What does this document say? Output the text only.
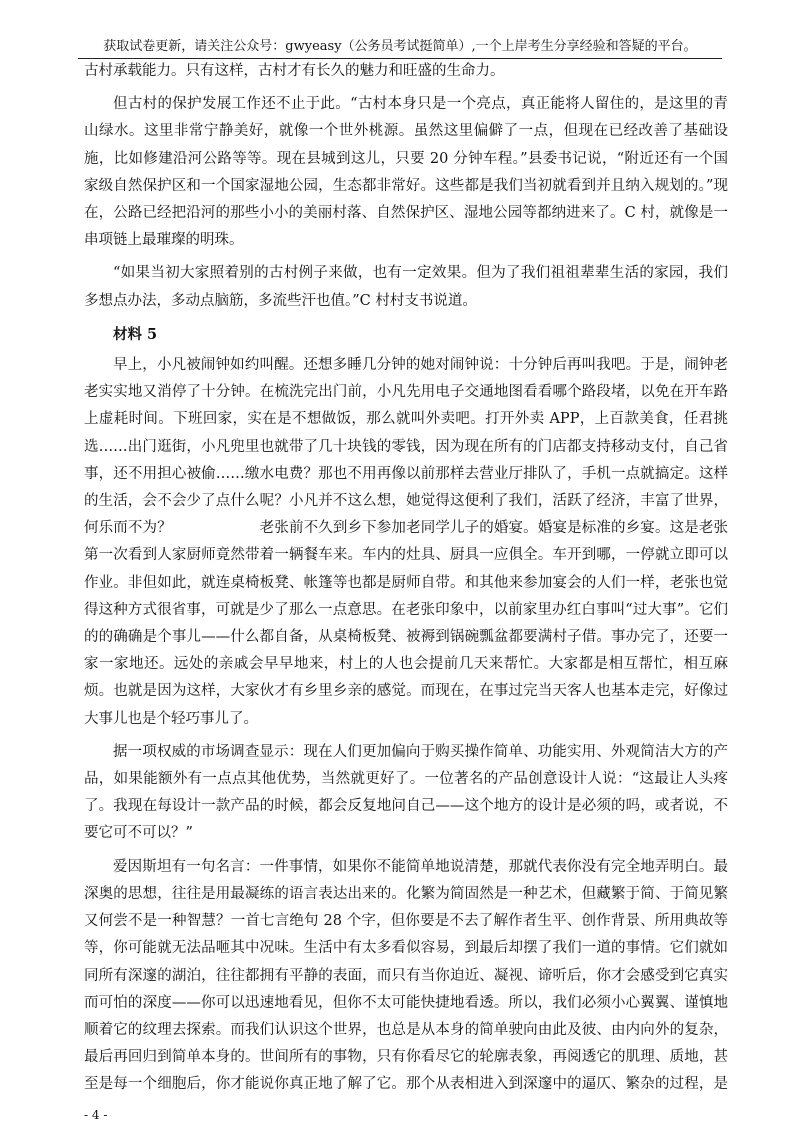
获取试卷更新，请关注公众号：gwyeasy（公务员考试挺简单）,一个上岸考生分享经验和答疑的平台。

古村承载能力。只有这样，古村才有长久的魅力和旺盛的生命力。

但古村的保护发展工作还不止于此。“古村本身只是一个亮点，真正能将人留住的，是这里的青山绿水。这里非常宁静美好，就像一个世外桃源。虽然这里偏僻了一点，但现在已经改善了基础设施，比如修建沿河公路等等。现在县城到这儿，只要 20 分钟车程。”县委书记说，“附近还有一个国家级自然保护区和一个国家湿地公园，生态都非常好。这些都是我们当初就看到并且纳入规划的。”现在，公路已经把沿河的那些小小的美丽村落、自然保护区、湿地公园等都纳进来了。C 村，就像是一串项链上最璀璨的明珠。

“如果当初大家照着别的古村例子来做，也有一定效果。但为了我们祖祖辈辈生活的家园，我们多想点办法，多动点脑筋，多流些汗也值。”C 村村支书说道。

材料 5

早上，小凡被闹钟如约叫醒。还想多睡几分钟的她对闹钟说：十分钟后再叫我吧。于是，闹钟老老实实地又消停了十分钟。在梳洗完出门前，小凡先用电子交通地图看看哪个路段堵，以免在开车路上虚耗时间。下班回家，实在是不想做饭，那么就叫外卖吧。打开外卖 APP，上百款美食，任君挑选……出门逛街，小凡兜里也就带了几十块钱的零钱，因为现在所有的门店都支持移动支付，自己省事，还不用担心被偷……缴水电费？那也不用再像以前那样去营业厅排队了，手机一点就搞定。这样的生活，会不会少了点什么呢？小凡并不这么想，她觉得这便利了我们，活跃了经济，丰富了世界，何乐而不为？　　　　　　老张前不久到乡下参加老同学儿子的婚宴。婚宴是标准的乡宴。这是老张第一次看到人家厨师竟然带着一辆餐车来。车内的灶具、厨具一应俱全。车开到哪，一停就立即可以作业。非但如此，就连桌椅板凳、帐篷等也都是厨师自带。和其他来参加宴会的人们一样，老张也觉得这种方式很省事，可就是少了那么一点意思。在老张印象中，以前家里办红白事叫“过大事”。它们的的确确是个事儿——什么都自备，从桌椅板凳、被褥到锅碗瓢盆都要满村子借。事办完了，还要一家一家地还。远处的亲戚会早早地来，村上的人也会提前几天来帮忙。大家都是相互帮忙，相互麻烦。也就是因为这样，大家伙才有乡里乡亲的感觉。而现在，在事过完当天客人也基本走完，好像过大事儿也是个轻巧事儿了。

据一项权威的市场调查显示：现在人们更加偏向于购买操作简单、功能实用、外观简洁大方的产品，如果能额外有一点点其他优势，当然就更好了。一位著名的产品创意设计人说：“这最让人头疼了。我现在每设计一款产品的时候，都会反复地问自己——这个地方的设计是必须的吗，或者说，不要它可不可以？”

爱因斯坦有一句名言：一件事情，如果你不能简单地说清楚，那就代表你没有完全地弄明白。最深奥的思想，往往是用最凝练的语言表达出来的。化繁为简固然是一种艺术，但藏繁于简、于简见繁又何尝不是一种智慧？一首七言绝句 28 个字，但你要是不去了解作者生平、创作背景、所用典故等等，你可能就无法品咂其中况味。生活中有太多看似容易，到最后却摆了我们一道的事情。它们就如同所有深邃的湖泊，往往都拥有平静的表面，而只有当你迫近、凝视、谛听后，你才会感受到它真实而可怕的深度——你可以迅速地看见，但你不太可能快捷地看透。所以，我们必须小心翼翼、谨慎地顺着它的纹理去探索。而我们认识这个世界，也总是从本身的简单驶向由此及彼、由内向外的复杂，最后再回归到简单本身的。世间所有的事物，只有你看尽它的轮廓表象，再阅透它的肌理、质地，甚至是每一个细胞后，你才能说你真正地了解了它。那个从表相进入到深邃中的逼仄、繁杂的过程，是

- 4 -
